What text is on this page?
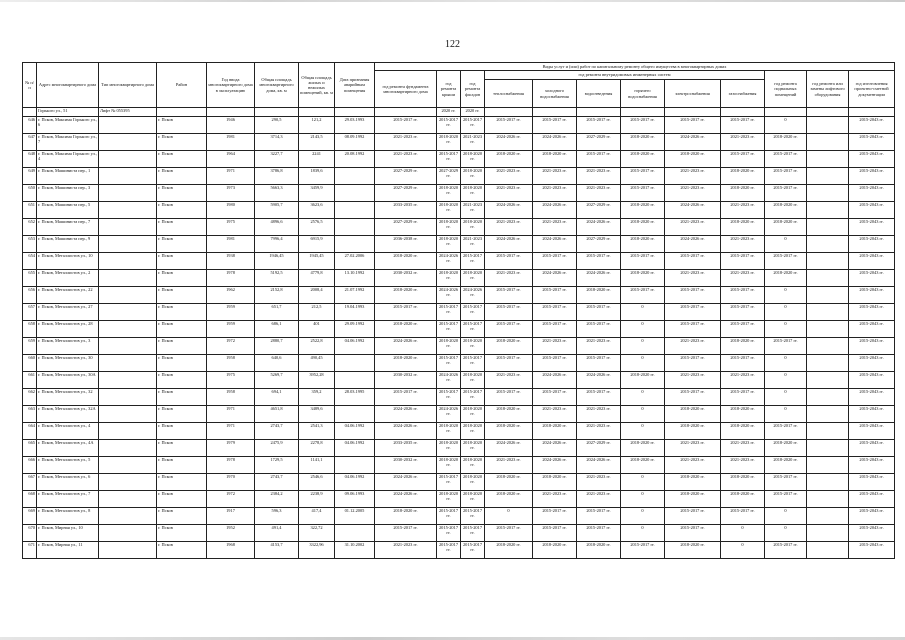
122
№ п/п	Адрес многоквартирного дома	Тип многоквартирного дома	Район	Год ввода многоквартирного дома в эксплуатацию	Общая площадь многоквартирного дома, кв. м	Общая площадь жилых и нежилых помещений, кв. м	Дата признания аварийным помещения	Виды услуг и (или) работ по капитальному ремонту общего имущества в многоквартирных домах											
								год ремонта фундамента многоквартирного дома	год ремонта крыши	год ремонта фасадов	год ремонта внутридомовых инженерных систем						год ремонта подвальных помещений	год ремонта или замены лифтового оборудования	год изготовления проектно-сметной документации
											теплоснабжения	холодного водоснабжения	водоотведения	горячего водоснабжения	электроснабжения	газоснабжения			
	Горького ул., 51	Лифт № 055395							2020 гг.	2020 гг.									
646	г. Псков, Максима Горького ул., 6		г. Псков	1946	290,5	121,2	29.03.1993	2015-2017 гг.	2015-2017 гг.	2015-2017 гг.	2015-2017 гг.	2015-2017 гг.	2015-2017 гг.	2015-2017 гг.	2015-2017 гг.	2015-2017 гг.	0		2015-2043 гг.
647	г. Псков, Максима Горького ул., 7		г. Псков	1981	3714,3	2143,5	08.09.1992	2021-2023 гг.	2018-2020 гг.	2021-2023 гг.	2024-2026 гг.	2024-2026 гг.	2027-2029 гг.	2018-2020 гг.	2024-2026 гг.	2021-2023 гг.	2018-2020 гг.		2015-2043 гг.
648	г. Псков, Максима Горького ул., 4		г. Псков	1964	3227,7	2241	20.08.1992	2021-2023 гг.	2015-2017 гг.	2018-2020 гг.	2018-2020 гг.	2018-2020 гг.	2015-2017 гг.	2018-2020 гг.	2018-2020 гг.	2015-2017 гг.	2015-2017 гг.		2015-2043 гг.
649	г. Псков, Машиниста пер., 1		г. Псков	1971	3786,8	1839,6		2027-2029 гг.	2027-2029 гг.	2018-2020 гг.	2021-2023 гг.	2021-2023 гг.	2021-2023 гг.	2015-2017 гг.	2021-2023 гг.	2018-2020 гг.	2015-2017 гг.		2015-2043 гг.
650	г. Псков, Машиниста пер., 3		г. Псков	1973	5663,3	3459,9		2027-2029 гг.	2018-2020 гг.	2018-2020 гг.	2021-2023 гг.	2021-2023 гг.	2021-2023 гг.	2015-2017 гг.	2021-2023 гг.	2018-2020 гг.	2015-2017 гг.		2015-2043 гг.
651	г. Псков, Машиниста пер., 5		г. Псков	1980	5905,7	3623,6		2033-2035 гг.	2018-2020 гг.	2021-2023 гг.	2024-2026 гг.	2024-2026 гг.	2027-2029 гг.	2018-2020 гг.	2024-2026 гг.	2021-2023 гг.	2018-2020 гг.		2015-2043 гг.
652	г. Псков, Машиниста пер., 7		г. Псков	1975	4896,6	2576,5		2027-2029 гг.	2018-2020 гг.	2018-2020 гг.	2021-2023 гг.	2021-2023 гг.	2024-2026 гг.	2018-2020 гг.	2021-2023 гг.	2018-2020 гг.	2018-2020 гг.		2015-2043 гг.
653	г. Псков, Машиниста пер., 9		г. Псков	1981	7996,4	6915,9		2036-2038 гг.	2018-2020 гг.	2021-2023 гг.	2024-2026 гг.	2024-2026 гг.	2027-2029 гг.	2018-2020 гг.	2024-2026 гг.	2021-2023 гг.	0		2015-2043 гг.
654	г. Псков, Металлистов ул., 10		г. Псков	1938	1946,45	1945,45	27.02.2006	2018-2020 гг.	2024-2026 гг.	2015-2017 гг.	2015-2017 гг.	2015-2017 гг.	2015-2017 гг.	2015-2017 гг.	2015-2017 гг.	2015-2017 гг.	2015-2017 гг.		2015-2043 гг.
655	г. Псков, Металлистов ул., 2		г. Псков	1978	5192,5	4779,8	13.10.1992	2030-2032 гг.	2018-2020 гг.	2018-2020 гг.	2021-2023 гг.	2024-2026 гг.	2024-2026 гг.	2018-2020 гг.	2021-2023 гг.	2021-2023 гг.	2018-2020 гг.		2015-2043 гг.
656	г. Псков, Металлистов ул., 22		г. Псков	1962	2152,8	2008,4	21.07.1992	2018-2020 гг.	2024-2026 гг.	2024-2026 гг.	2015-2017 гг.	2015-2017 гг.	2018-2020 гг.	2015-2017 гг.	2015-2017 гг.	2015-2017 гг.	0		2015-2043 гг.
657	г. Псков, Металлистов ул., 27		г. Псков	1959	651,7	212,5	19.04.1993	2015-2017 гг.	2015-2017 гг.	2015-2017 гг.	2015-2017 гг.	2015-2017 гг.	2015-2017 гг.	0	2015-2017 гг.	2015-2017 гг.	0		2015-2043 гг.
658	г. Псков, Металлистов ул., 28		г. Псков	1959	686,1	401	29.09.1992	2018-2020 гг.	2015-2017 гг.	2015-2017 гг.	2015-2017 гг.	2015-2017 гг.	2015-2017 гг.	0	2015-2017 гг.	2015-2017 гг.	0		2015-2043 гг.
659	г. Псков, Металлистов ул., 3		г. Псков	1972	2880,7	2522,8	04.06.1992	2024-2026 гг.	2018-2020 гг.	2018-2020 гг.	2018-2020 гг.	2021-2023 гг.	2021-2023 гг.	0	2021-2023 гг.	2018-2020 гг.	2015-2017 гг.		2015-2043 гг.
660	г. Псков, Металлистов ул., 30		г. Псков	1958	640,6	490,45		2018-2020 гг.	2015-2017 гг.	2015-2017 гг.	2015-2017 гг.	2015-2017 гг.	2015-2017 гг.	0	2015-2017 гг.	2015-2017 гг.	0		2015-2043 гг.
661	г. Псков, Металлистов ул., 30А		г. Псков	1975	5269,7	3952,28		2030-2032 гг.	2024-2026 гг.	2018-2020 гг.	2021-2023 гг.	2024-2026 гг.	2024-2026 гг.	2018-2020 гг.	2021-2023 гг.	2021-2023 гг.	0		2015-2043 гг.
662	г. Псков, Металлистов ул., 32		г. Псков	1958	694,1	359,2	28.03.1995	2015-2017 гг.	2015-2017 гг.	2015-2017 гг.	2015-2017 гг.	2015-2017 гг.	2015-2017 гг.	0	2015-2017 гг.	2015-2017 гг.	0		2015-2043 гг.
663	г. Псков, Металлистов ул., 32А		г. Псков	1971	4651,8	3489,6		2024-2026 гг.	2024-2026 гг.	2018-2020 гг.	2018-2020 гг.	2021-2023 гг.	2021-2023 гг.	0	2018-2020 гг.	2018-2020 гг.	0		2015-2043 гг.
664	г. Псков, Металлистов ул., 4		г. Псков	1971	2743,7	2541,3	04.06.1992	2024-2026 гг.	2018-2020 гг.	2018-2020 гг.	2018-2020 гг.	2018-2020 гг.	2021-2023 гг.	0	2018-2020 гг.	2018-2020 гг.	2015-2017 гг.		2015-2043 гг.
665	г. Псков, Металлистов ул., 4А		г. Псков	1979	2475,9	2278,8	04.06.1992	2033-2035 гг.	2018-2020 гг.	2018-2020 гг.	2024-2026 гг.	2024-2026 гг.	2027-2029 гг.	2018-2020 гг.	2021-2023 гг.	2021-2023 гг.	2018-2020 гг.		2015-2043 гг.
666	г. Псков, Металлистов ул., 5		г. Псков	1978	1729,5	1141,1		2030-2032 гг.	2018-2020 гг.	2018-2020 гг.	2021-2023 гг.	2024-2026 гг.	2024-2026 гг.	2018-2020 гг.	2021-2023 гг.	2021-2023 гг.	2018-2020 гг.		2015-2043 гг.
667	г. Псков, Металлистов ул., 6		г. Псков	1970	2743,7	2546,6	04.06.1992	2024-2026 гг.	2015-2017 гг.	2018-2020 гг.	2018-2020 гг.	2018-2020 гг.	2021-2023 гг.	0	2018-2020 гг.	2018-2020 гг.	2015-2017 гг.		2015-2043 гг.
668	г. Псков, Металлистов ул., 7		г. Псков	1972	2384,2	2238,9	09.06.1993	2024-2026 гг.	2018-2020 гг.	2018-2020 гг.	2018-2020 гг.	2021-2023 гг.	2021-2023 гг.	0	2018-2020 гг.	2018-2020 гг.	2015-2017 гг.		2015-2043 гг.
669	г. Псков, Металлистов ул., 8		г. Псков	1917	596,3	417,4	01.12.2005	2018-2020 гг.	2015-2017 гг.	2015-2017 гг.	0	2015-2017 гг.	2015-2017 гг.	0	2015-2017 гг.	2015-2017 гг.	0		2015-2043 гг.
670	г. Псков, Мирная ул., 10		г. Псков	1952	491,4	322,72		2015-2017 гг.	2015-2017 гг.	2015-2017 гг.	2015-2017 гг.	2015-2017 гг.	2015-2017 гг.	0	2015-2017 гг.	0	0		2015-2043 гг.
671	г. Псков, Мирная ул., 11		г. Псков	1968	4153,7	3322,96	31.10.2002	2021-2023 гг.	2015-2017 гг.	2015-2017 гг.	2018-2020 гг.	2018-2020 гг.	2018-2020 гг.	2015-2017 гг.	2018-2020 гг.	0	2015-2017 гг.		2015-2043 гг.
